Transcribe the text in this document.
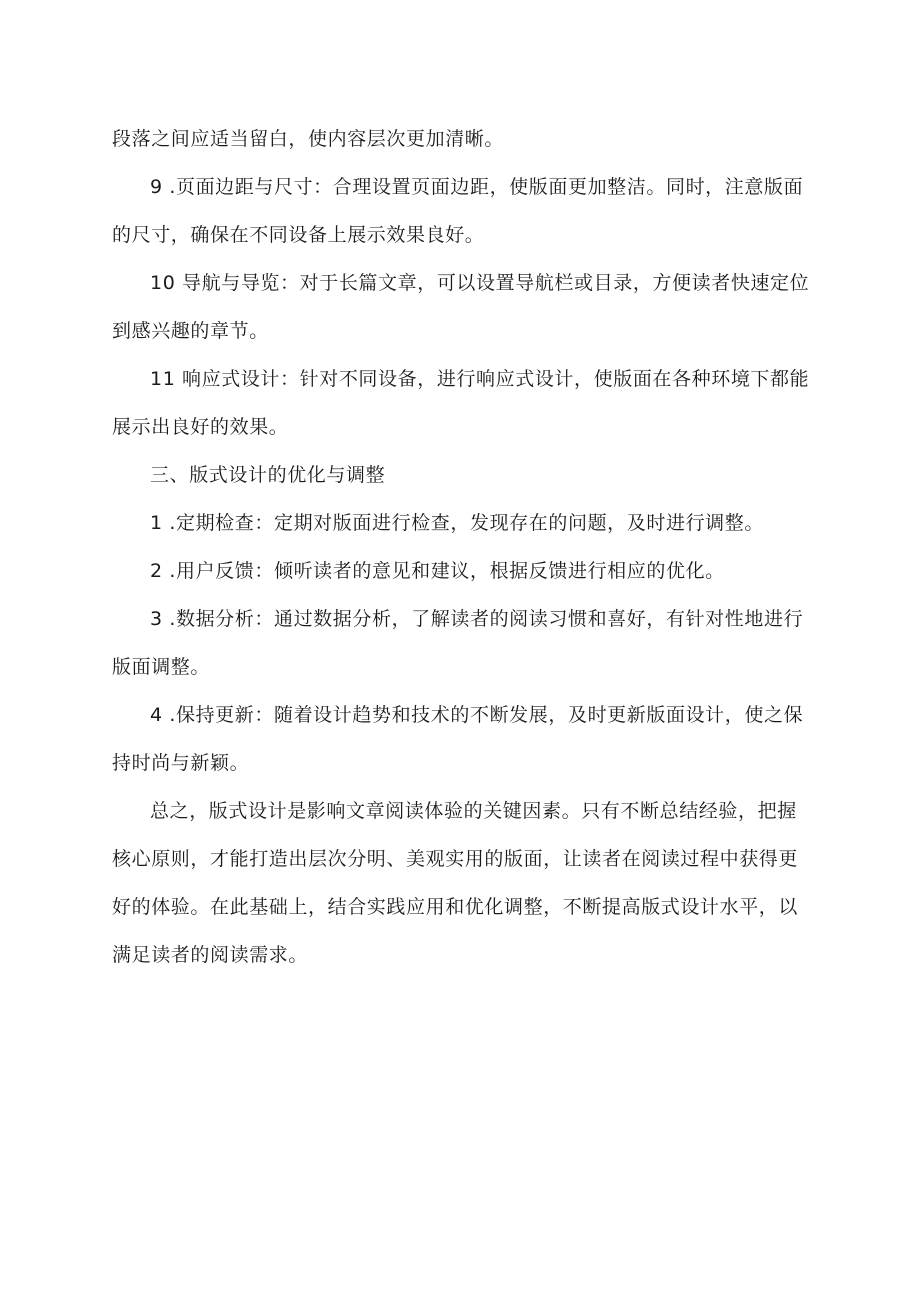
段落之间应适当留白，使内容层次更加清晰。

9 .页面边距与尺寸：合理设置页面边距，使版面更加整洁。同时，注意版面的尺寸，确保在不同设备上展示效果良好。

10 导航与导览：对于长篇文章，可以设置导航栏或目录，方便读者快速定位到感兴趣的章节。

11 响应式设计：针对不同设备，进行响应式设计，使版面在各种环境下都能展示出良好的效果。

三、版式设计的优化与调整

1 .定期检查：定期对版面进行检查，发现存在的问题，及时进行调整。

2 .用户反馈：倾听读者的意见和建议，根据反馈进行相应的优化。

3 .数据分析：通过数据分析，了解读者的阅读习惯和喜好，有针对性地进行版面调整。

4 .保持更新：随着设计趋势和技术的不断发展，及时更新版面设计，使之保持时尚与新颖。

总之，版式设计是影响文章阅读体验的关键因素。只有不断总结经验，把握核心原则，才能打造出层次分明、美观实用的版面，让读者在阅读过程中获得更好的体验。在此基础上，结合实践应用和优化调整，不断提高版式设计水平，以满足读者的阅读需求。
